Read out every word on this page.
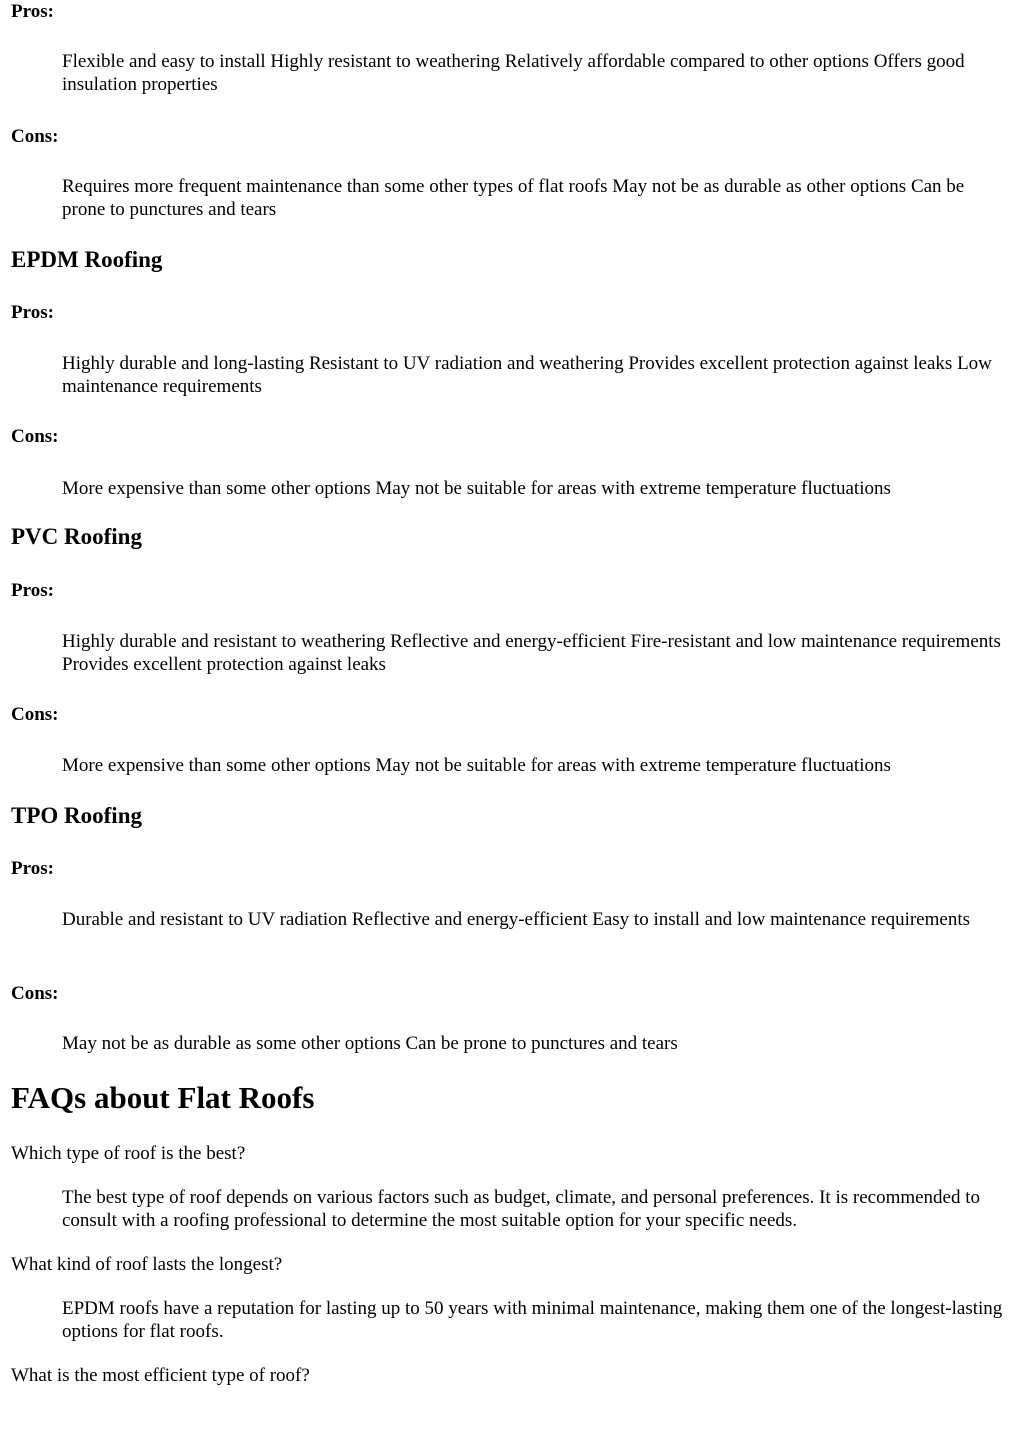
Pros:

Flexible and easy to install Highly resistant to weathering Relatively affordable compared to other options Offers good insulation properties

Cons:

Requires more frequent maintenance than some other types of flat roofs May not be as durable as other options Can be prone to punctures and tears

EPDM Roofing

Pros:

Highly durable and long-lasting Resistant to UV radiation and weathering Provides excellent protection against leaks Low maintenance requirements

Cons:

More expensive than some other options May not be suitable for areas with extreme temperature fluctuations

PVC Roofing

Pros:

Highly durable and resistant to weathering Reflective and energy-efficient Fire-resistant and low maintenance requirements Provides excellent protection against leaks

Cons:

More expensive than some other options May not be suitable for areas with extreme temperature fluctuations

TPO Roofing

Pros:

Durable and resistant to UV radiation Reflective and energy-efficient Easy to install and low maintenance requirements

Cons:

May not be as durable as some other options Can be prone to punctures and tears

FAQs about Flat Roofs

Which type of roof is the best?

The best type of roof depends on various factors such as budget, climate, and personal preferences. It is recommended to consult with a roofing professional to determine the most suitable option for your specific needs.

What kind of roof lasts the longest?

EPDM roofs have a reputation for lasting up to 50 years with minimal maintenance, making them one of the longest-lasting options for flat roofs.

What is the most efficient type of roof?
